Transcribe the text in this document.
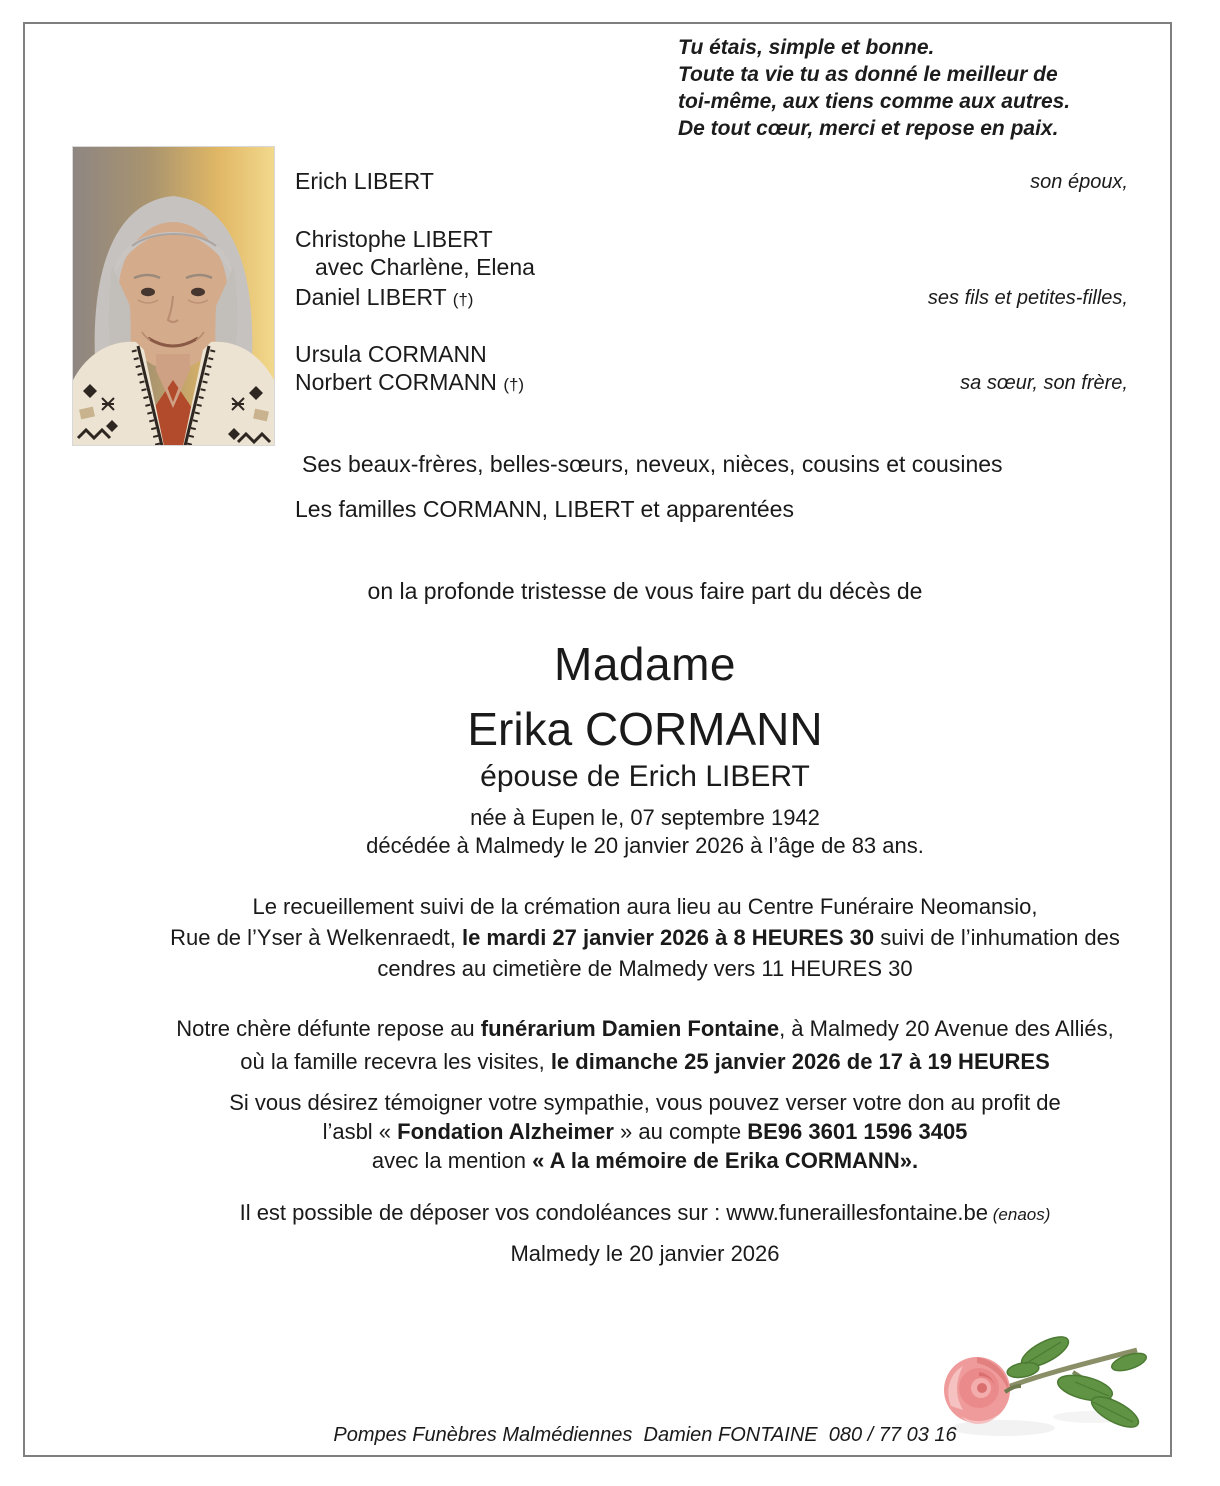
Tu étais, simple et bonne.
Toute ta vie tu as donné le meilleur de
toi-même, aux tiens comme aux autres.
De tout cœur, merci et repose en paix.
Erich LIBERT	son époux,
Christophe LIBERT
avec Charlène, Elena
Daniel LIBERT (†)	ses fils et petites-filles,
Ursula CORMANN
Norbert CORMANN (†)	sa sœur, son frère,
Ses beaux-frères, belles-sœurs, neveux, nièces, cousins et cousines
Les familles CORMANN, LIBERT et apparentées
on la profonde tristesse de vous faire part du décès de
Madame
Erika CORMANN
épouse de Erich LIBERT
née à Eupen le, 07 septembre 1942
décédée à Malmedy le 20 janvier 2026 à l’âge de 83 ans.
Le recueillement suivi de la crémation aura lieu au Centre Funéraire Neomansio,
Rue de l’Yser à Welkenraedt, le mardi 27 janvier 2026 à 8 HEURES 30 suivi de l’inhumation des
cendres au cimetière de Malmedy vers 11 HEURES 30
Notre chère défunte repose au funérarium Damien Fontaine, à Malmedy 20 Avenue des Alliés,
où la famille recevra les visites, le dimanche 25 janvier 2026 de 17 à 19 HEURES
Si vous désirez témoigner votre sympathie, vous pouvez verser votre don au profit de
l’asbl « Fondation Alzheimer » au compte BE96 3601 1596 3405
avec la mention « A la mémoire de Erika CORMANN».
Il est possible de déposer vos condoléances sur : www.funeraillesfontaine.be (enaos)
Malmedy le 20 janvier 2026
Pompes Funèbres Malmédiennes  Damien FONTAINE  080 / 77 03 16
